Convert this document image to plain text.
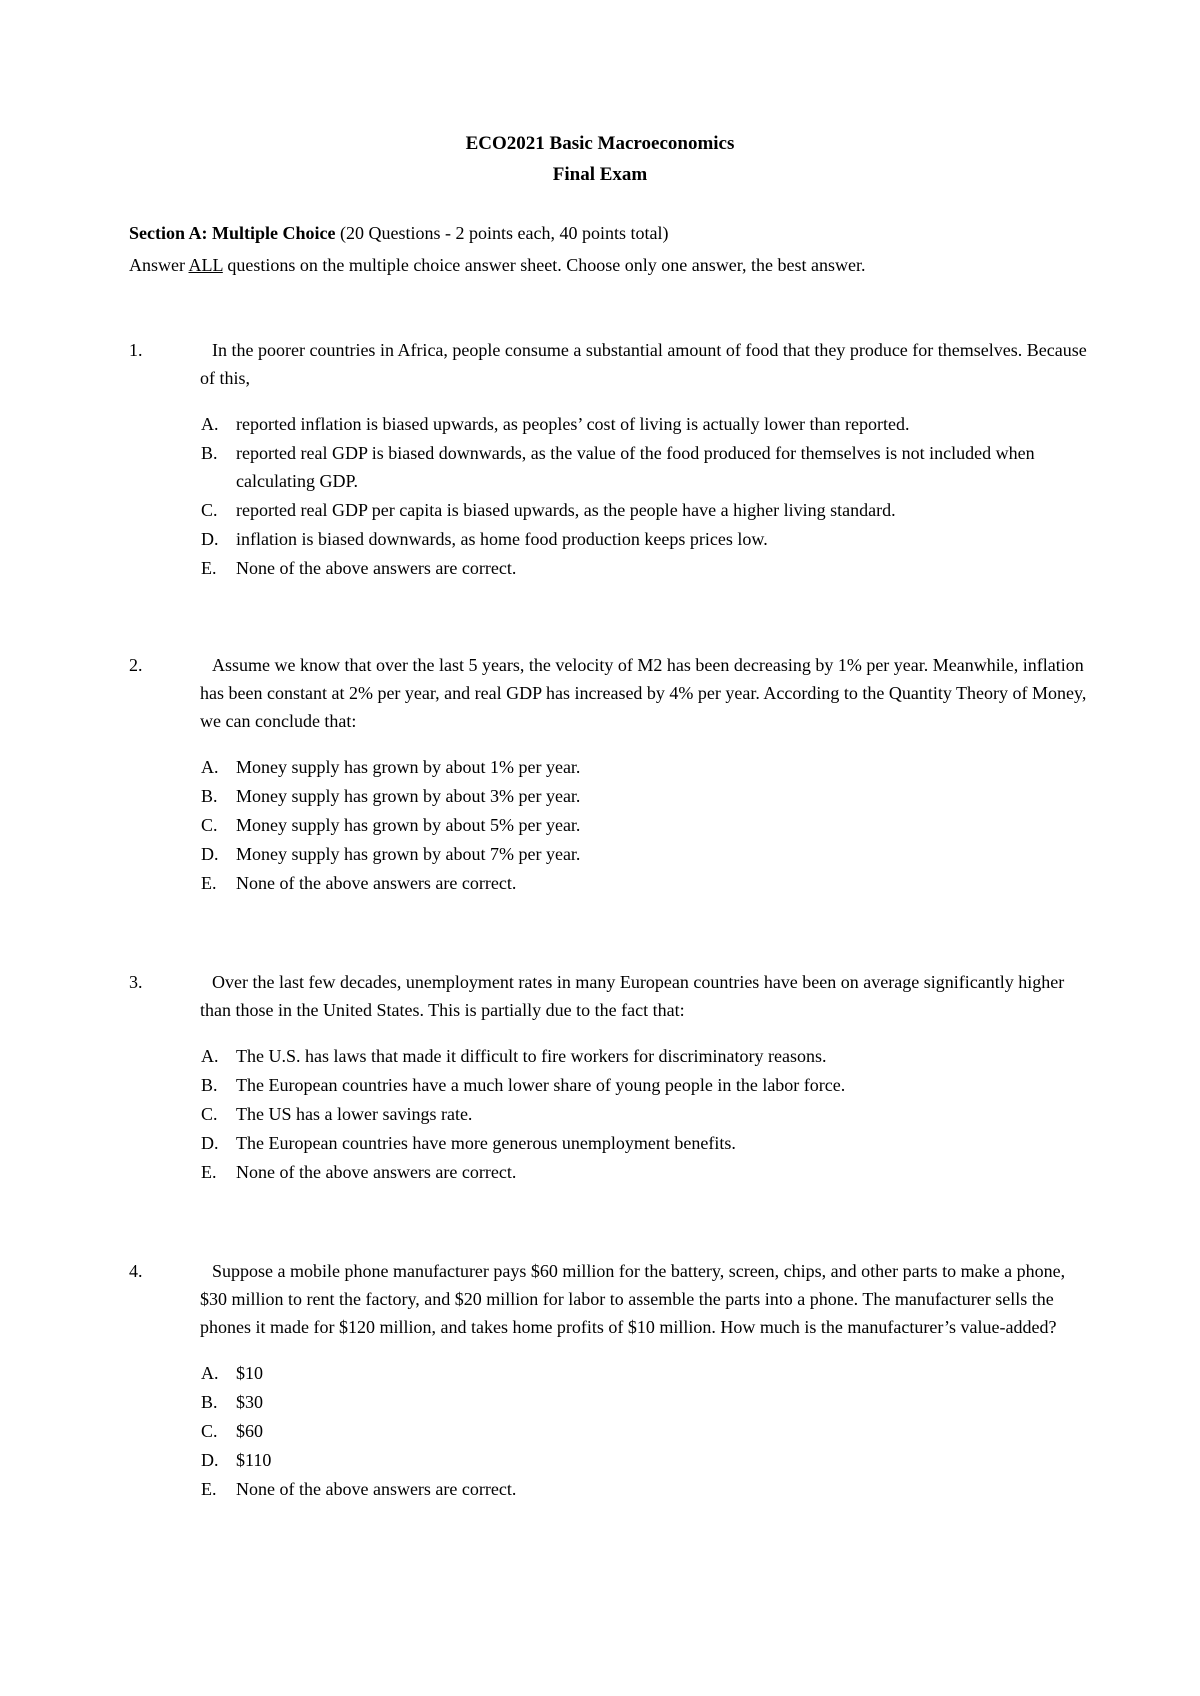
ECO2021 Basic Macroeconomics
Final Exam
Section A: Multiple Choice (20 Questions - 2 points each, 40 points total)
Answer ALL questions on the multiple choice answer sheet. Choose only one answer, the best answer.
1.	In the poorer countries in Africa, people consume a substantial amount of food that they produce for themselves. Because of this,
A. reported inflation is biased upwards, as peoples’ cost of living is actually lower than reported.
B. reported real GDP is biased downwards, as the value of the food produced for themselves is not included when calculating GDP.
C. reported real GDP per capita is biased upwards, as the people have a higher living standard.
D. inflation is biased downwards, as home food production keeps prices low.
E. None of the above answers are correct.
2.	Assume we know that over the last 5 years, the velocity of M2 has been decreasing by 1% per year. Meanwhile, inflation has been constant at 2% per year, and real GDP has increased by 4% per year. According to the Quantity Theory of Money, we can conclude that:
A. Money supply has grown by about 1% per year.
B. Money supply has grown by about 3% per year.
C. Money supply has grown by about 5% per year.
D. Money supply has grown by about 7% per year.
E. None of the above answers are correct.
3.	Over the last few decades, unemployment rates in many European countries have been on average significantly higher than those in the United States. This is partially due to the fact that:
A. The U.S. has laws that made it difficult to fire workers for discriminatory reasons.
B. The European countries have a much lower share of young people in the labor force.
C. The US has a lower savings rate.
D. The European countries have more generous unemployment benefits.
E. None of the above answers are correct.
4.	Suppose a mobile phone manufacturer pays $60 million for the battery, screen, chips, and other parts to make a phone, $30 million to rent the factory, and $20 million for labor to assemble the parts into a phone. The manufacturer sells the phones it made for $120 million, and takes home profits of $10 million. How much is the manufacturer’s value-added?
A. $10
B. $30
C. $60
D. $110
E. None of the above answers are correct.
